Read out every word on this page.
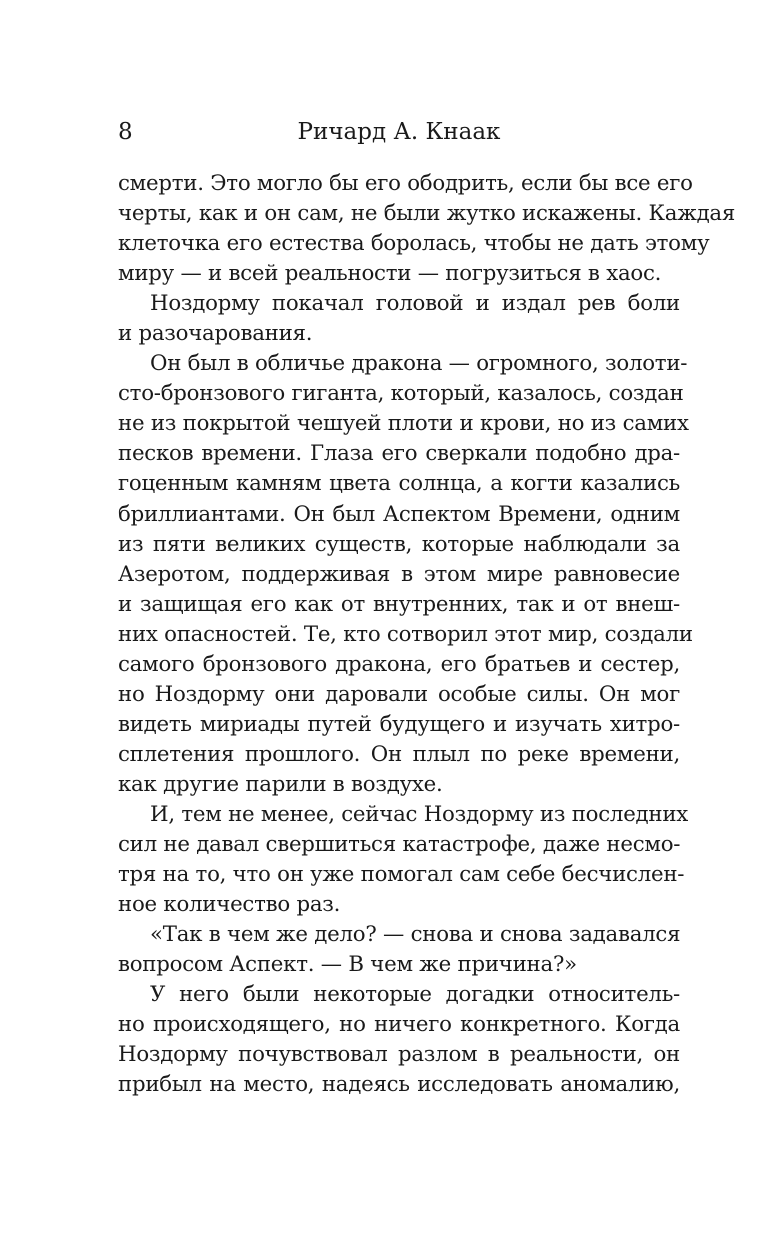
8	Ричард А. Кнаак
смерти. Это могло бы его ободрить, если бы все его
черты, как и он сам, не были жутко искажены. Каждая
клеточка его естества боролась, чтобы не дать этому
миру — и всей реальности — погрузиться в хаос.
Ноздорму покачал головой и издал рев боли
и разочарования.
Он был в обличье дракона — огромного, золоти-
сто-бронзового гиганта, который, казалось, создан
не из покрытой чешуей плоти и крови, но из самих
песков времени. Глаза его сверкали подобно дра-
гоценным камням цвета солнца, а когти казались
бриллиантами. Он был Аспектом Времени, одним
из пяти великих существ, которые наблюдали за
Азеротом, поддерживая в этом мире равновесие
и защищая его как от внутренних, так и от внеш-
них опасностей. Те, кто сотворил этот мир, создали
самого бронзового дракона, его братьев и сестер,
но Ноздорму они даровали особые силы. Он мог
видеть мириады путей будущего и изучать хитро-
сплетения прошлого. Он плыл по реке времени,
как другие парили в воздухе.
И, тем не менее, сейчас Ноздорму из последних
сил не давал свершиться катастрофе, даже несмо-
тря на то, что он уже помогал сам себе бесчислен-
ное количество раз.
«Так в чем же дело? — снова и снова задавался
вопросом Аспект. — В чем же причина?»
У него были некоторые догадки относитель-
но происходящего, но ничего конкретного. Когда
Ноздорму почувствовал разлом в реальности, он
прибыл на место, надеясь исследовать аномалию,
